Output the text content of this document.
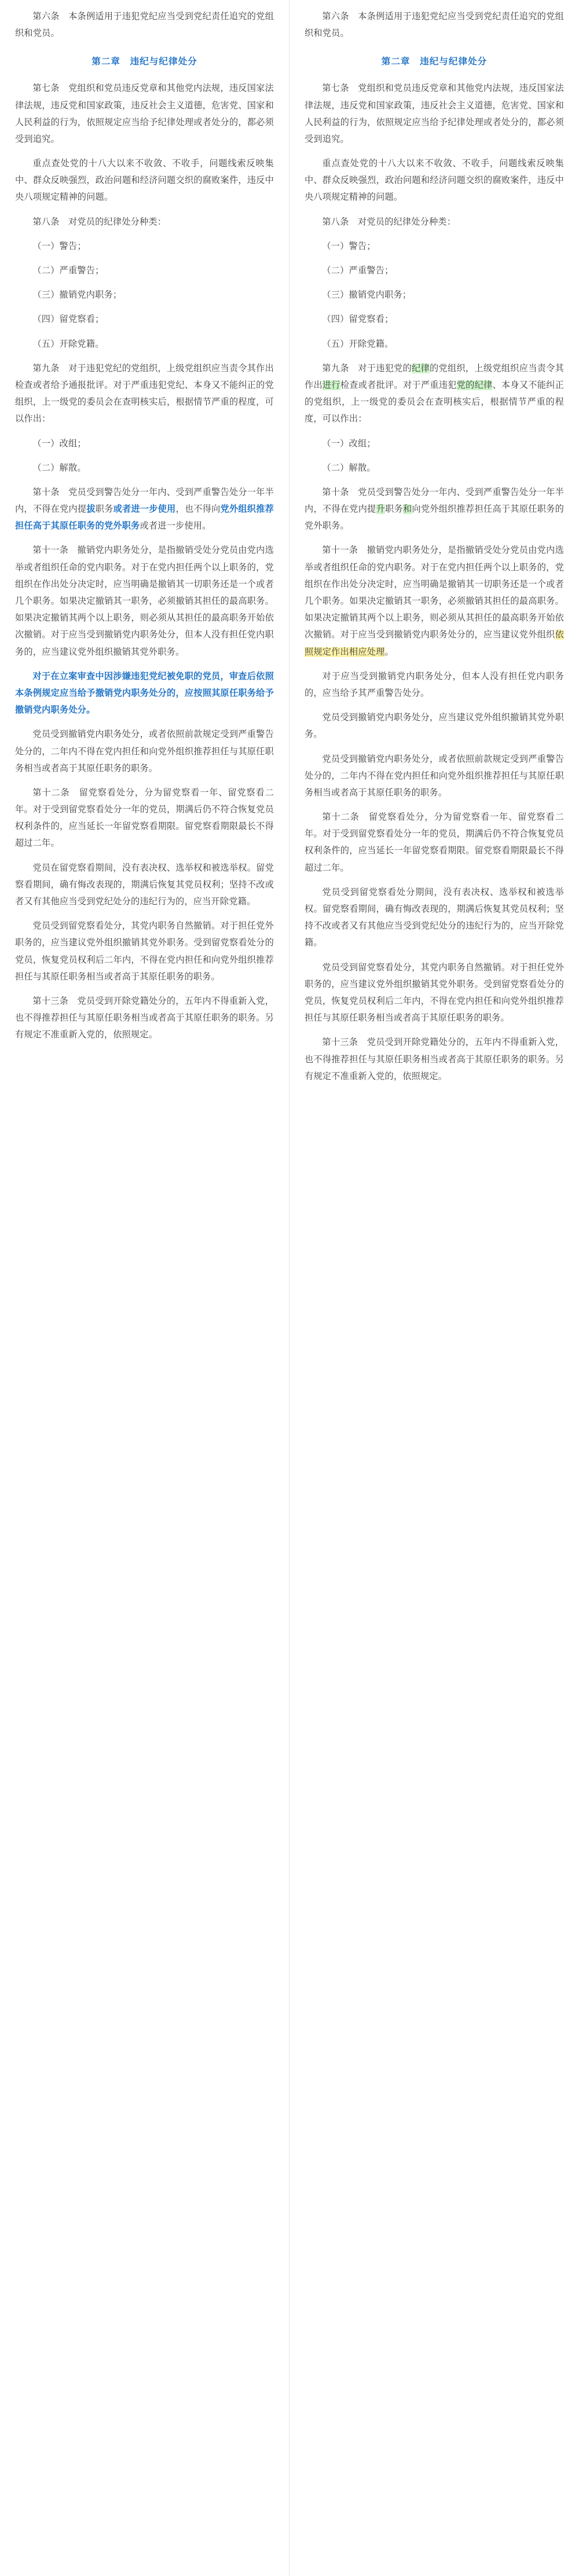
第六条　本条例适用于违犯党纪应当受到党纪责任追究的党组织和党员。

第二章　违纪与纪律处分

第七条　党组织和党员违反党章和其他党内法规，违反国家法律法规，违反党和国家政策，违反社会主义道德，危害党、国家和人民利益的行为，依照规定应当给予纪律处理或者处分的，都必须受到追究。

重点查处党的十八大以来不收敛、不收手，问题线索反映集中、群众反映强烈，政治问题和经济问题交织的腐败案件，违反中央八项规定精神的问题。

第八条　对党员的纪律处分种类：

（一）警告；

（二）严重警告；

（三）撤销党内职务；

（四）留党察看；

（五）开除党籍。

第九条　对于违犯党纪的党组织，上级党组织应当责令其作出检查或者给予通报批评。对于严重违犯党纪、本身又不能纠正的党组织，上一级党的委员会在查明核实后，根据情节严重的程度，可以作出：

（一）改组；

（二）解散。

第十条　党员受到警告处分一年内、受到严重警告处分一年半内，不得在党内提拔职务或者进一步使用，也不得向党外组织推荐担任高于其原任职务的党外职务或者进一步使用。

第十一条　撤销党内职务处分，是指撤销受处分党员由党内选举或者组织任命的党内职务。对于在党内担任两个以上职务的，党组织在作出处分决定时，应当明确是撤销其一切职务还是一个或者几个职务。如果决定撤销其一职务，必须撤销其担任的最高职务。如果决定撤销其两个以上职务，则必须从其担任的最高职务开始依次撤销。对于应当受到撤销党内职务处分，但本人没有担任党内职务的，应当建议党外组织撤销其党外职务。

对于在立案审查中因涉嫌违犯党纪被免职的党员，审查后依照本条例规定应当给予撤销党内职务处分的，应按照其原任职务给予撤销党内职务处分。

党员受到撤销党内职务处分，或者依照前款规定受到严重警告处分的，二年内不得在党内担任和向党外组织推荐担任与其原任职务相当或者高于其原任职务的职务。

第十二条　留党察看处分，分为留党察看一年、留党察看二年。对于受到留党察看处分一年的党员，期满后仍不符合恢复党员权利条件的，应当延长一年留党察看期限。留党察看期限最长不得超过二年。

党员在留党察看期间，没有表决权、选举权和被选举权。留党察看期间，确有悔改表现的，期满后恢复其党员权利；坚持不改或者又有其他应当受到党纪处分的违纪行为的，应当开除党籍。

党员受到留党察看处分，其党内职务自然撤销。对于担任党外职务的，应当建议党外组织撤销其党外职务。受到留党察看处分的党员，恢复党员权利后二年内，不得在党内担任和向党外组织推荐担任与其原任职务相当或者高于其原任职务的职务。

第十三条　党员受到开除党籍处分的，五年内不得重新入党，也不得推荐担任与其原任职务相当或者高于其原任职务的职务。另有规定不准重新入党的，依照规定。

第六条　本条例适用于违犯党纪应当受到党纪责任追究的党组织和党员。

第二章　违纪与纪律处分

第七条　党组织和党员违反党章和其他党内法规，违反国家法律法规，违反党和国家政策，违反社会主义道德，危害党、国家和人民利益的行为，依照规定应当给予纪律处理或者处分的，都必须受到追究。

重点查处党的十八大以来不收敛、不收手，问题线索反映集中、群众反映强烈，政治问题和经济问题交织的腐败案件，违反中央八项规定精神的问题。

第八条　对党员的纪律处分种类：

（一）警告；

（二）严重警告；

（三）撤销党内职务；

（四）留党察看；

（五）开除党籍。

第九条　对于违犯党的纪律的党组织，上级党组织应当责令其作出进行检查或者批评。对于严重违犯党的纪律、本身又不能纠正的党组织，上一级党的委员会在查明核实后，根据情节严重的程度，可以作出：

（一）改组；

（二）解散。

第十条　党员受到警告处分一年内、受到严重警告处分一年半内，不得在党内提升职务和向党外组织推荐担任高于其原任职务的党外职务。

第十一条　撤销党内职务处分，是指撤销受处分党员由党内选举或者组织任命的党内职务。对于在党内担任两个以上职务的，党组织在作出处分决定时，应当明确是撤销其一切职务还是一个或者几个职务。如果决定撤销其一职务，必须撤销其担任的最高职务。如果决定撤销其两个以上职务，则必须从其担任的最高职务开始依次撤销。对于应当受到撤销党内职务处分的，应当建议党外组织依照规定作出相应处理。

对于应当受到撤销党内职务处分，但本人没有担任党内职务的，应当给予其严重警告处分。

党员受到撤销党内职务处分，应当建议党外组织撤销其党外职务。

党员受到撤销党内职务处分，或者依照前款规定受到严重警告处分的，二年内不得在党内担任和向党外组织推荐担任与其原任职务相当或者高于其原任职务的职务。

第十二条　留党察看处分，分为留党察看一年、留党察看二年。对于受到留党察看处分一年的党员，期满后仍不符合恢复党员权利条件的，应当延长一年留党察看期限。留党察看期限最长不得超过二年。

党员受到留党察看处分期间，没有表决权、选举权和被选举权。留党察看期间，确有悔改表现的，期满后恢复其党员权利；坚持不改或者又有其他应当受到党纪处分的违纪行为的，应当开除党籍。

党员受到留党察看处分，其党内职务自然撤销。对于担任党外职务的，应当建议党外组织撤销其党外职务。受到留党察看处分的党员，恢复党员权利后二年内，不得在党内担任和向党外组织推荐担任与其原任职务相当或者高于其原任职务的职务。

第十三条　党员受到开除党籍处分的，五年内不得重新入党，也不得推荐担任与其原任职务相当或者高于其原任职务的职务。另有规定不准重新入党的，依照规定。
